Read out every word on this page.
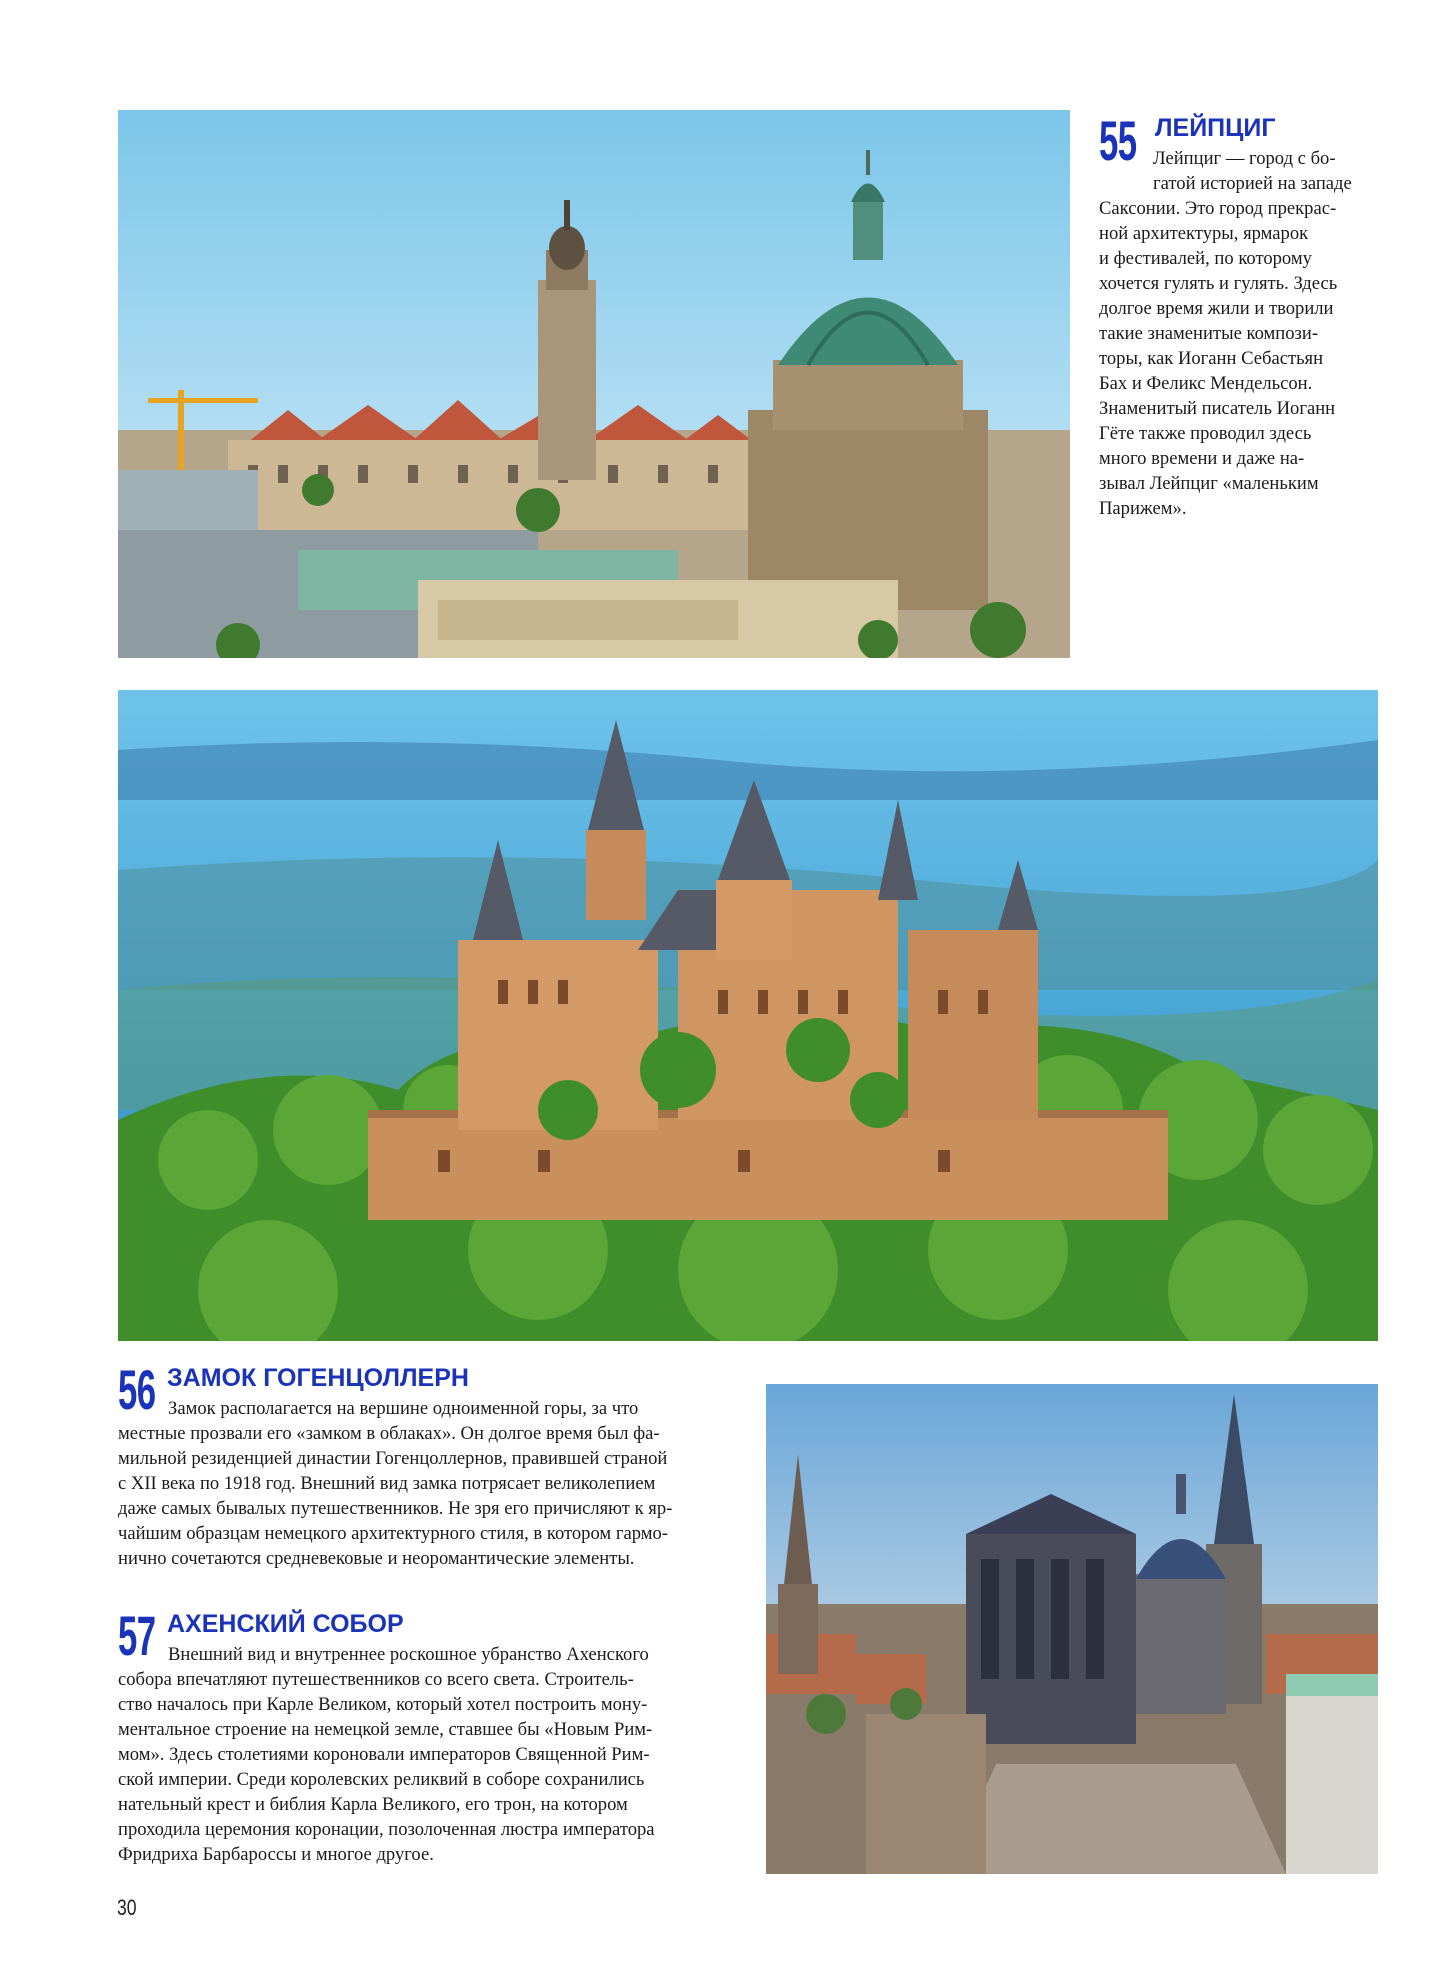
55 ЛЕЙПЦИГ
Лейпциг — город с бо-
гатой историей на западе
Саксонии. Это город прекрас-
ной архитектуры, ярмарок
и фестивалей, по которому
хочется гулять и гулять. Здесь
долгое время жили и творили
такие знаменитые компози-
торы, как Иоганн Себастьян
Бах и Феликс Мендельсон.
Знаменитый писатель Иоганн
Гёте также проводил здесь
много времени и даже на-
зывал Лейпциг «маленьким
Парижем».
56 ЗАМОК ГОГЕНЦОЛЛЕРН
Замок располагается на вершине одноименной горы, за что
местные прозвали его «замком в облаках». Он долгое время был фа-
мильной резиденцией династии Гогенцоллернов, правившей страной
с XII века по 1918 год. Внешний вид замка потрясает великолепием
даже самых бывалых путешественников. Не зря его причисляют к яр-
чайшим образцам немецкого архитектурного стиля, в котором гармо-
нично сочетаются средневековые и неоромантические элементы.
57 АХЕНСКИЙ СОБОР
Внешний вид и внутреннее роскошное убранство Ахенского
собора впечатляют путешественников со всего света. Строитель-
ство началось при Карле Великом, который хотел построить мону-
ментальное строение на немецкой земле, ставшее бы «Новым Рим-
мом». Здесь столетиями короновали императоров Священной Рим-
ской империи. Среди королевских реликвий в соборе сохранились
нательный крест и библия Карла Великого, его трон, на котором
проходила церемония коронации, позолоченная люстра императора
Фридриха Барбароссы и многое другое.
30
